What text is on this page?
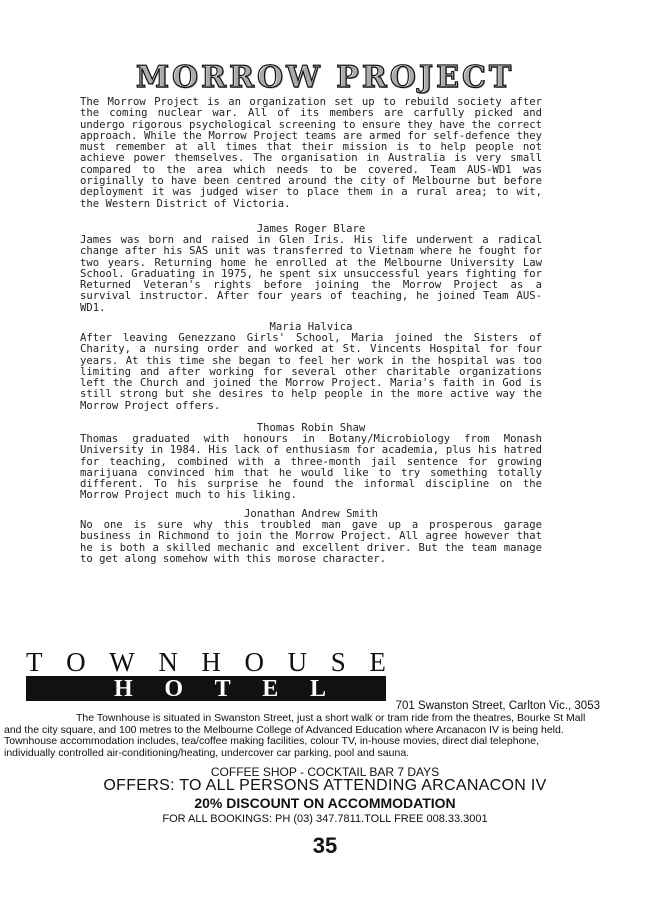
MORROW PROJECT

The Morrow Project is an organization set up to rebuild society after the coming nuclear war. All of its members are carfully picked and undergo rigorous psychological screening to ensure they have the correct approach. While the Morrow Project teams are armed for self-defence they must remember at all times that their mission is to help people not achieve power themselves. The organisation in Australia is very small compared to the area which needs to be covered. Team AUS-WD1 was originally to have been centred around the city of Melbourne but before deployment it was judged wiser to place them in a rural area; to wit, the Western District of Victoria.

James Roger Blare

James was born and raised in Glen Iris. His life underwent a radical change after his SAS unit was transferred to Vietnam where he fought for two years. Returning home he enrolled at the Melbourne University Law School. Graduating in 1975, he spent six unsuccessful years fighting for Returned Veteran's rights before joining the Morrow Project as a survival instructor. After four years of teaching, he joined Team AUS-WD1.

Maria Halvica

After leaving Genezzano Girls' School, Maria joined the Sisters of Charity, a nursing order and worked at St. Vincents Hospital for four years. At this time she began to feel her work in the hospital was too limiting and after working for several other charitable organizations left the Church and joined the Morrow Project. Maria's faith in God is still strong but she desires to help people in the more active way the Morrow Project offers.

Thomas Robin Shaw

Thomas graduated with honours in Botany/Microbiology from Monash University in 1984. His lack of enthusiasm for academia, plus his hatred for teaching, combined with a three-month jail sentence for growing marijuana convinced him that he would like to try something totally different. To his surprise he found the informal discipline on the Morrow Project much to his liking.

Jonathan Andrew Smith

No one is sure why this troubled man gave up a prosperous garage business in Richmond to join the Morrow Project. All agree however that he is both a skilled mechanic and excellent driver. But the team manage to get along somehow with this morose character.

T O W N H O U S E
H O T E L
701 Swanston Street, Carlton Vic., 3053
The Townhouse is situated in Swanston Street, just a short walk or tram ride from the theatres, Bourke St Mall
and the city square, and 100 metres to the Melbourne College of Advanced Education where Arcanacon IV is being held.
Townhouse accommodation includes, tea/coffee making facilities, colour TV, in-house movies, direct dial telephone,
individually controlled air-conditioning/heating, undercover car parking, pool and sauna.
COFFEE SHOP - COCKTAIL BAR 7 DAYS
OFFERS: TO ALL PERSONS ATTENDING ARCANACON IV
20% DISCOUNT ON ACCOMMODATION
FOR ALL BOOKINGS: PH (03) 347.7811.TOLL FREE 008.33.3001
35
